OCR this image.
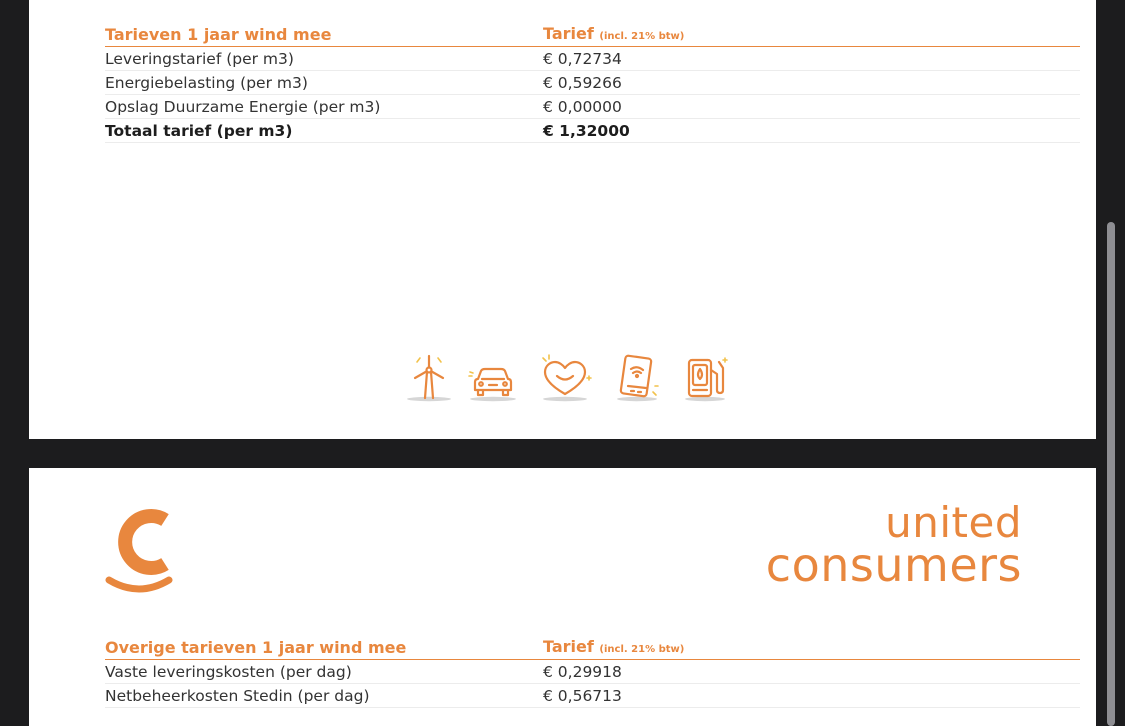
Tarieven 1 jaar wind mee	Tarief (incl. 21% btw)
Leveringstarief (per m3)	€ 0,72734
Energiebelasting (per m3)	€ 0,59266
Opslag Duurzame Energie (per m3)	€ 0,00000
Totaal tarief (per m3)	€ 1,32000
united
consumers
Overige tarieven 1 jaar wind mee	Tarief (incl. 21% btw)
Vaste leveringskosten (per dag)	€ 0,29918
Netbeheerkosten Stedin (per dag)	€ 0,56713
